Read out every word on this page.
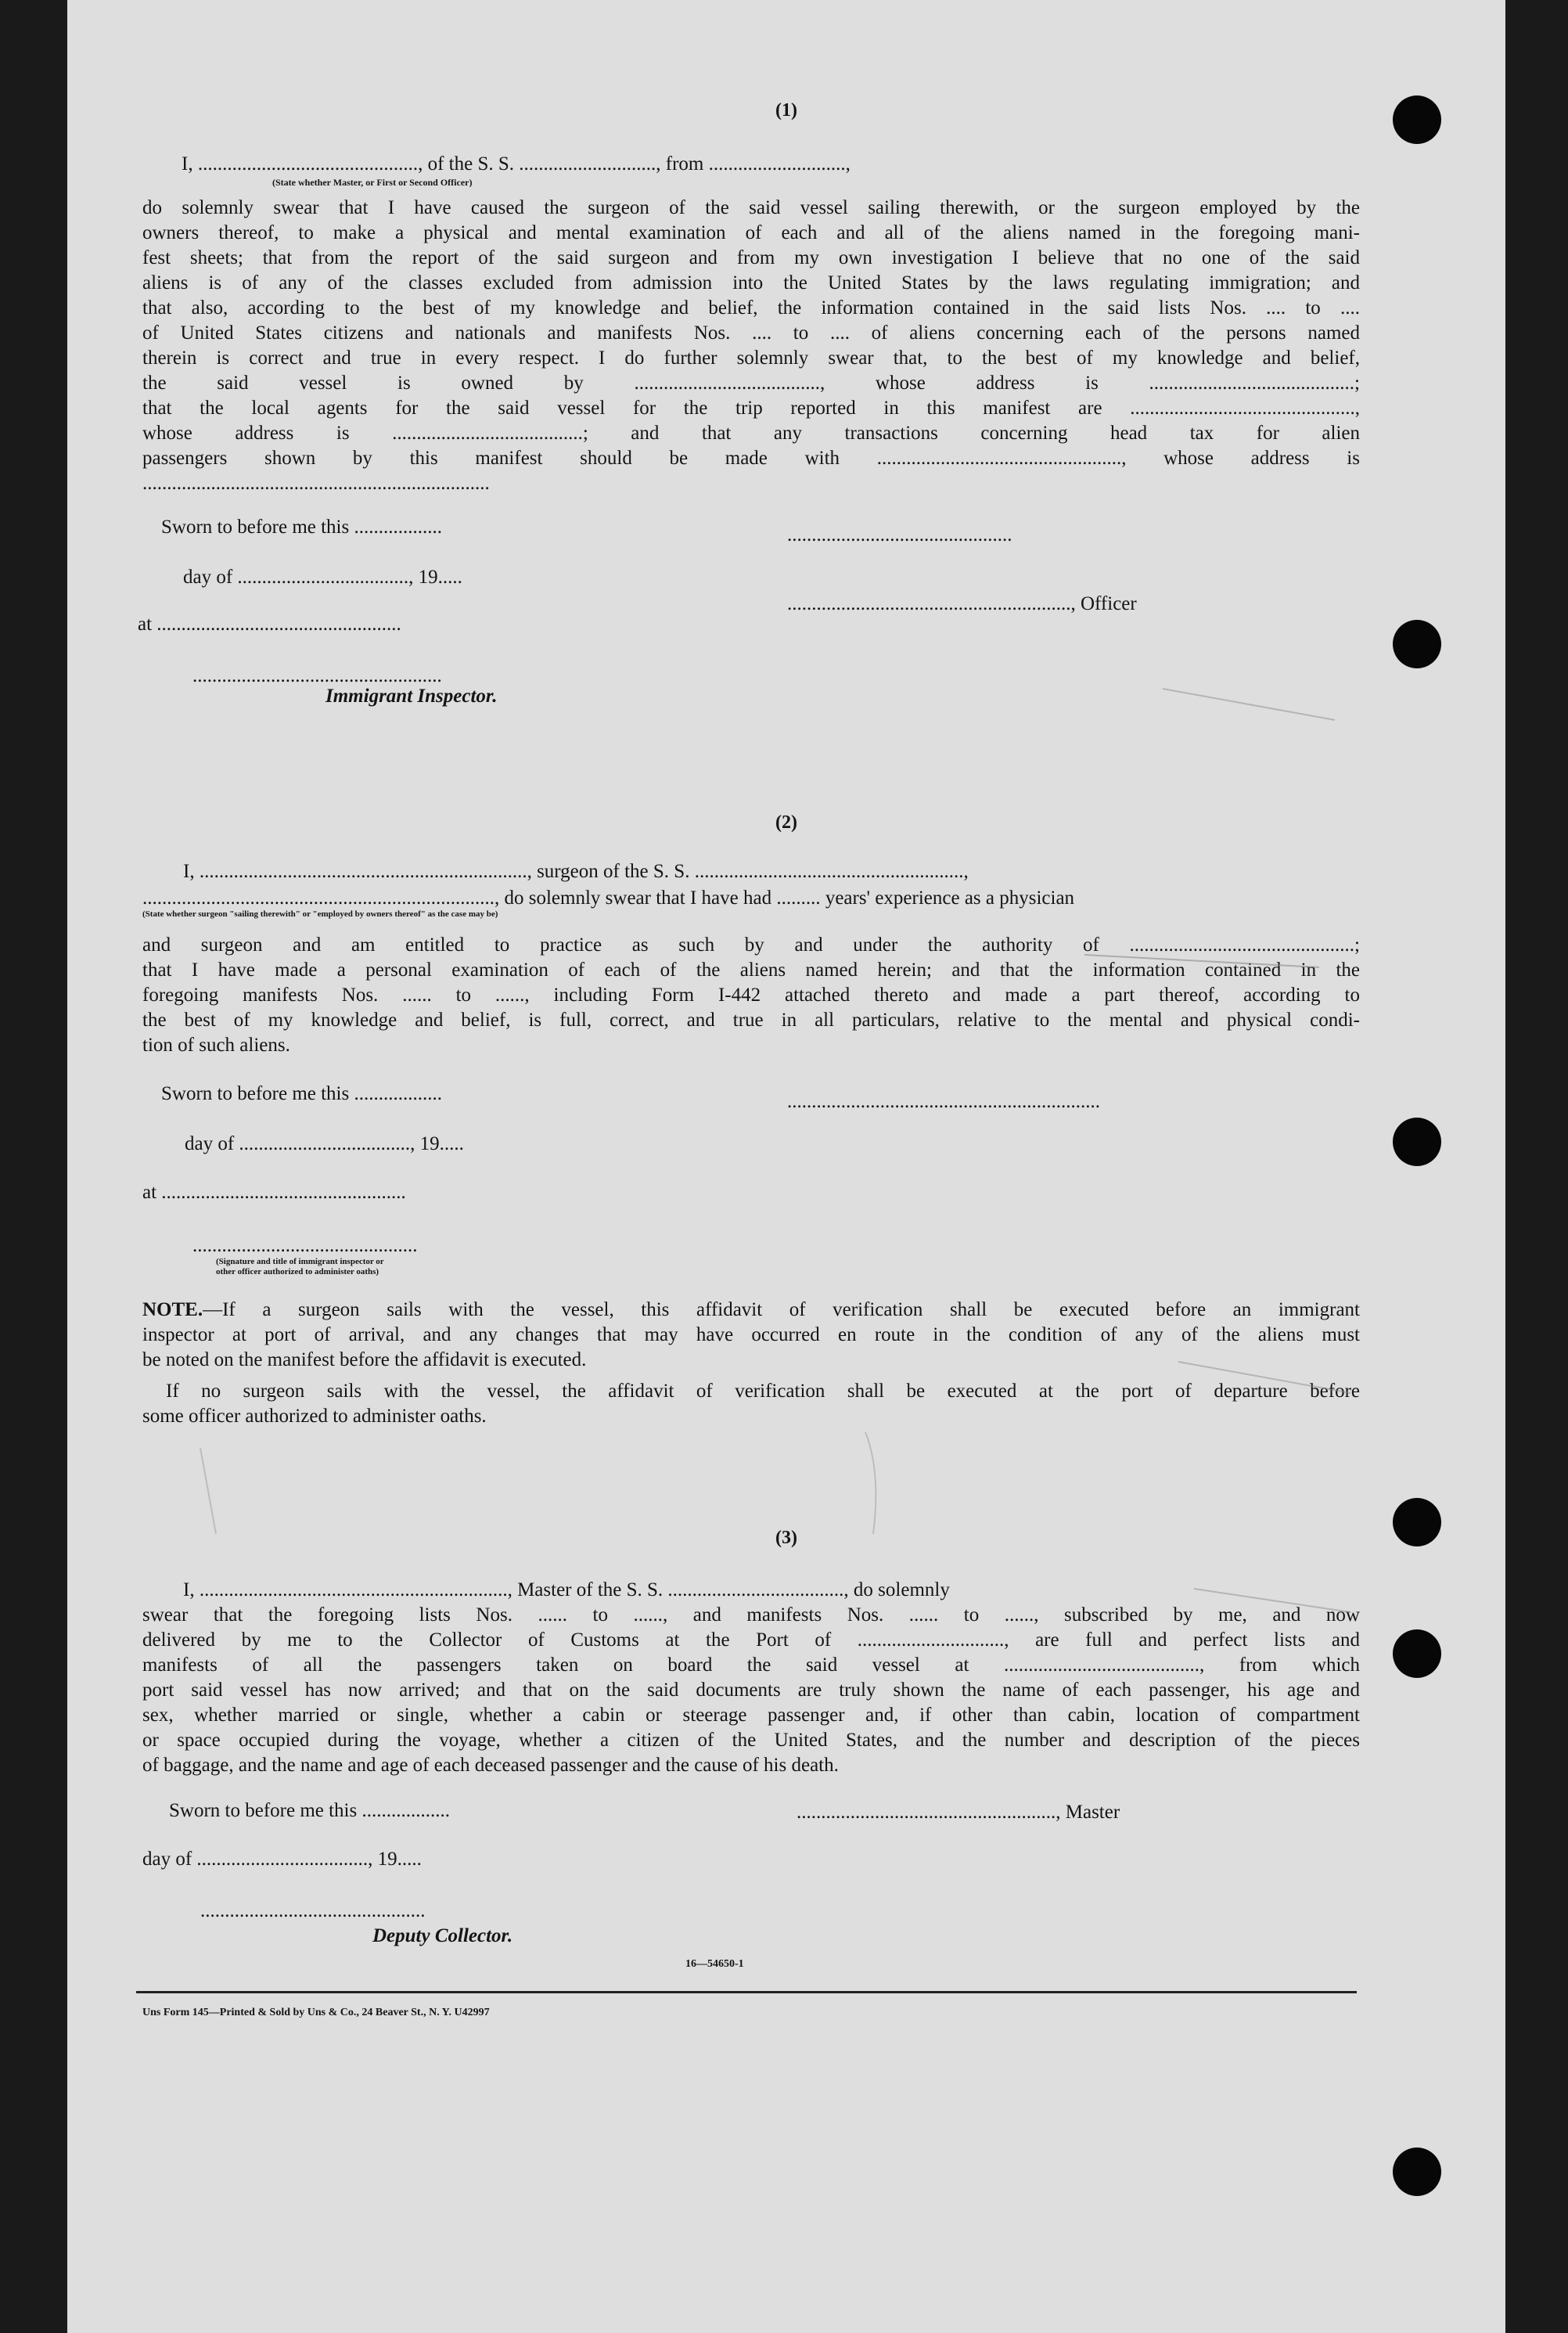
(1)
I, ............................................., of the S. S. ............................, from ............................,
(State whether Master, or First or Second Officer)
do solemnly swear that I have caused the surgeon of the said vessel sailing therewith, or the surgeon employed by the
owners thereof, to make a physical and mental examination of each and all of the aliens named in the foregoing mani-
fest sheets; that from the report of the said surgeon and from my own investigation I believe that no one of the said
aliens is of any of the classes excluded from admission into the United States by the laws regulating immigration; and
that also, according to the best of my knowledge and belief, the information contained in the said lists Nos. .... to ....
of United States citizens and nationals and manifests Nos. .... to .... of aliens concerning each of the persons named
therein is correct and true in every respect. I do further solemnly swear that, to the best of my knowledge and belief,
the said vessel is owned by ......................................, whose address is ..........................................;
that the local agents for the said vessel for the trip reported in this manifest are ..............................................,
whose address is .......................................; and that any transactions concerning head tax for alien
passengers shown by this manifest should be made with .................................................., whose address is
.......................................................................
Sworn to before me this ..................	..............................................
day of ..................................., 19.....
.........................................................., Officer
at ..................................................
...................................................
Immigrant Inspector.
(2)
I, ..................................................................., surgeon of the S. S. .......................................................,
........................................................................, do solemnly swear that I have had ......... years' experience as a physician
(State whether surgeon "sailing therewith" or "employed by owners thereof" as the case may be)
and surgeon and am entitled to practice as such by and under the authority of ..............................................;
that I have made a personal examination of each of the aliens named herein; and that the information contained in the
foregoing manifests Nos. ...... to ......, including Form I-442 attached thereto and made a part thereof, according to
the best of my knowledge and belief, is full, correct, and true in all particulars, relative to the mental and physical condi-
tion of such aliens.
Sworn to before me this ..................	................................................................
day of ..................................., 19.....
at ..................................................
..............................................
(Signature and title of immigrant inspector or
other officer authorized to administer oaths)
NOTE.—If a surgeon sails with the vessel, this affidavit of verification shall be executed before an immigrant
inspector at port of arrival, and any changes that may have occurred en route in the condition of any of the aliens must
be noted on the manifest before the affidavit is executed.
If no surgeon sails with the vessel, the affidavit of verification shall be executed at the port of departure before
some officer authorized to administer oaths.
(3)
I, ..............................................................., Master of the S. S. ...................................., do solemnly
swear that the foregoing lists Nos. ...... to ......, and manifests Nos. ...... to ......, subscribed by me, and now
delivered by me to the Collector of Customs at the Port of .............................., are full and perfect lists and
manifests of all the passengers taken on board the said vessel at ........................................, from which
port said vessel has now arrived; and that on the said documents are truly shown the name of each passenger, his age and
sex, whether married or single, whether a cabin or steerage passenger and, if other than cabin, location of compartment
or space occupied during the voyage, whether a citizen of the United States, and the number and description of the pieces
of baggage, and the name and age of each deceased passenger and the cause of his death.
Sworn to before me this ..................	....................................................., Master
day of ..................................., 19.....
..............................................
Deputy Collector.
16—54650-1
Uns Form 145—Printed & Sold by Uns & Co., 24 Beaver St., N. Y. U42997
